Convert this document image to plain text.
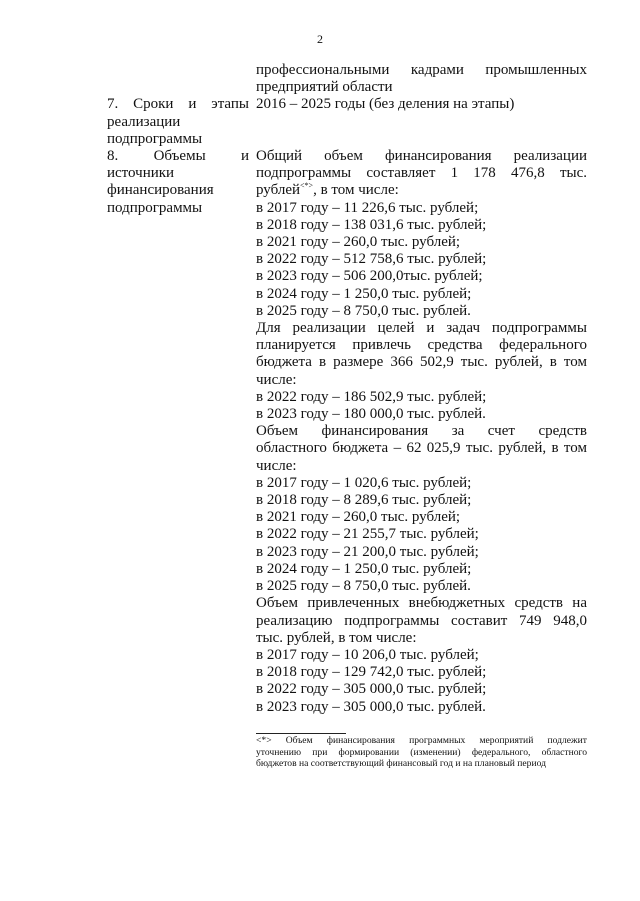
2
профессиональными кадрами промышленных
предприятий области
7. Сроки и этапы
реализации
подпрограммы
2016 – 2025 годы (без деления на этапы)
8. Объемы и
источники
финансирования
подпрограммы
Общий объем финансирования реализации
подпрограммы составляет 1 178 476,8 тыс.
рублей<*>, в том числе:
в 2017 году – 11 226,6 тыс. рублей;
в 2018 году – 138 031,6 тыс. рублей;
в 2021 году – 260,0 тыс. рублей;
в 2022 году – 512 758,6 тыс. рублей;
в 2023 году – 506 200,0тыс. рублей;
в 2024 году – 1 250,0 тыс. рублей;
в 2025 году – 8 750,0 тыс. рублей.
Для реализации целей и задач подпрограммы
планируется привлечь средства федерального
бюджета в размере 366 502,9 тыс. рублей, в том
числе:
в 2022 году – 186 502,9 тыс. рублей;
в 2023 году – 180 000,0 тыс. рублей.
Объем финансирования за счет средств
областного бюджета – 62 025,9 тыс. рублей, в том
числе:
в 2017 году – 1 020,6 тыс. рублей;
в 2018 году – 8 289,6 тыс. рублей;
в 2021 году – 260,0 тыс. рублей;
в 2022 году – 21 255,7 тыс. рублей;
в 2023 году – 21 200,0 тыс. рублей;
в 2024 году – 1 250,0 тыс. рублей;
в 2025 году – 8 750,0 тыс. рублей.
Объем привлеченных внебюджетных средств на
реализацию подпрограммы составит 749 948,0
тыс. рублей, в том числе:
в 2017 году – 10 206,0 тыс. рублей;
в 2018 году – 129 742,0 тыс. рублей;
в 2022 году – 305 000,0 тыс. рублей;
в 2023 году – 305 000,0 тыс. рублей.
<*> Объем финансирования программных мероприятий подлежит
уточнению при формировании (изменении) федерального, областного
бюджетов на соответствующий финансовый год и на плановый период
